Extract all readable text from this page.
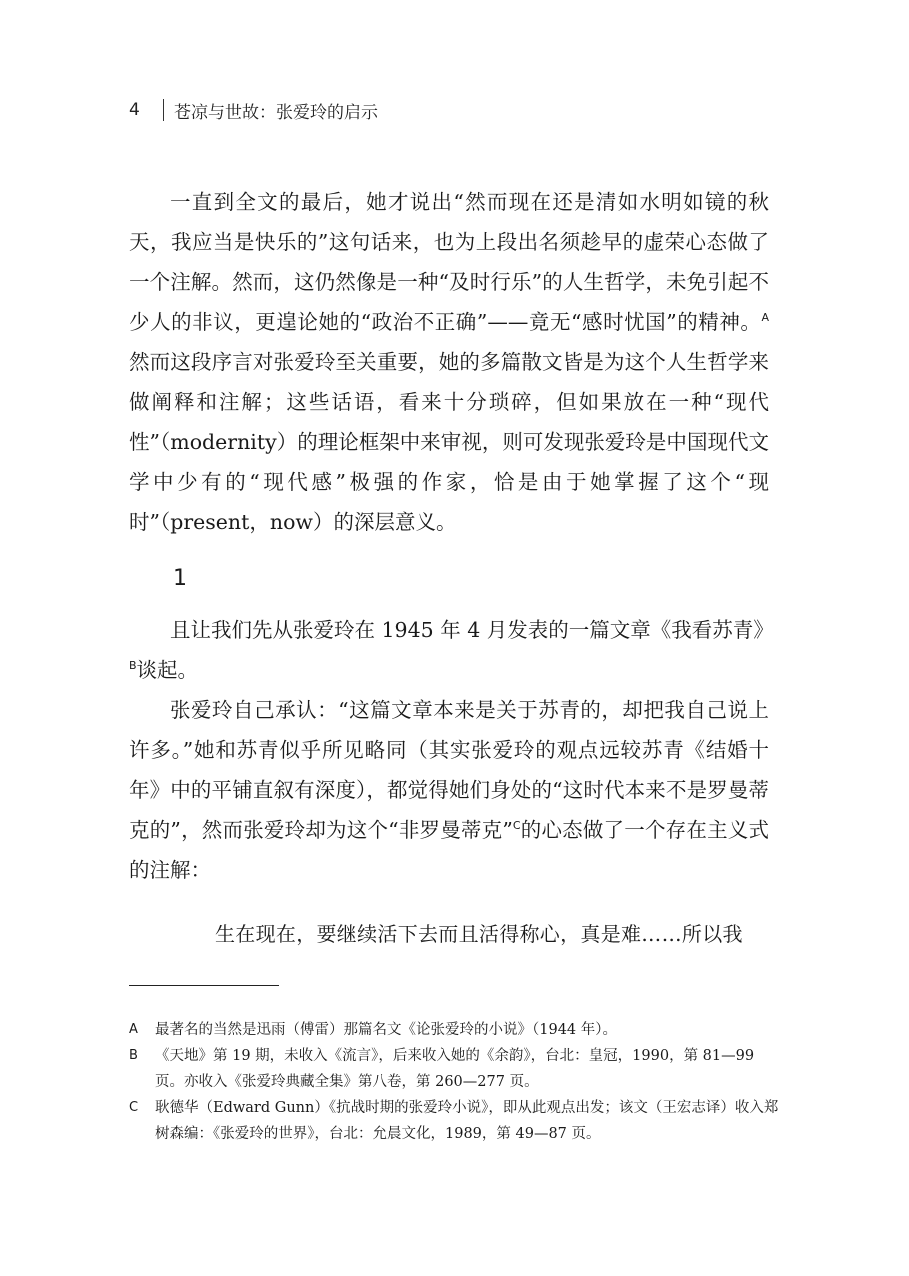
4	苍凉与世故：张爱玲的启示

一直到全文的最后，她才说出“然而现在还是清如水明如镜的秋天，我应当是快乐的”这句话来，也为上段出名须趁早的虚荣心态做了一个注解。然而，这仍然像是一种“及时行乐”的人生哲学，未免引起不少人的非议，更遑论她的“政治不正确”——竟无“感时忧国”的精神。$^A$然而这段序言对张爱玲至关重要，她的多篇散文皆是为这个人生哲学来做阐释和注解；这些话语，看来十分琐碎，但如果放在一种“现代性”（modernity）的理论框架中来审视，则可发现张爱玲是中国现代文学中少有的“现代感”极强的作家，恰是由于她掌握了这个“现时”（present，now）的深层意义。

1

且让我们先从张爱玲在 1945 年 4 月发表的一篇文章《我看苏青》$^B$谈起。

张爱玲自己承认：“这篇文章本来是关于苏青的，却把我自己说上许多。”她和苏青似乎所见略同（其实张爱玲的观点远较苏青《结婚十年》中的平铺直叙有深度），都觉得她们身处的“这时代本来不是罗曼蒂克的”，然而张爱玲却为这个“非罗曼蒂克”$^C$的心态做了一个存在主义式的注解：

生在现在，要继续活下去而且活得称心，真是难……所以我
A	最著名的当然是迅雨（傅雷）那篇名文《论张爱玲的小说》（1944 年）。
B	《天地》第 19 期，未收入《流言》，后来收入她的《余韵》，台北：皇冠，1990，第 81—99 页。亦收入《张爱玲典藏全集》第八卷，第 260—277 页。
C	耿德华（Edward Gunn）《抗战时期的张爱玲小说》，即从此观点出发；该文（王宏志译）收入郑树森编：《张爱玲的世界》，台北：允晨文化，1989，第 49—87 页。
